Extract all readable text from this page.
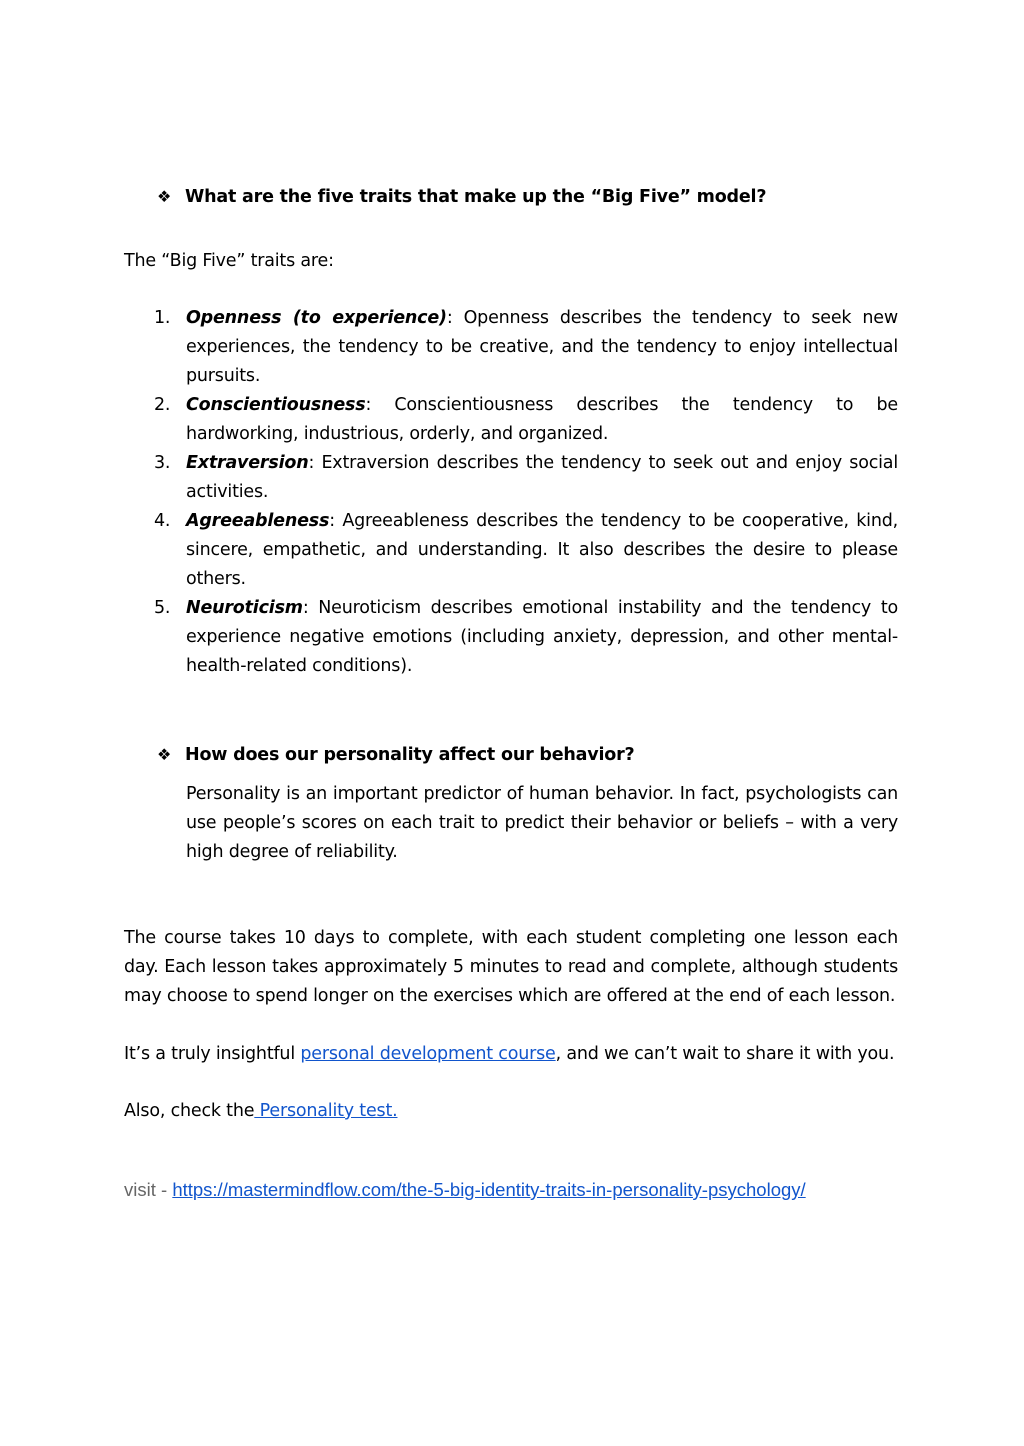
❖ What are the five traits that make up the “Big Five” model?
The “Big Five” traits are:
1. Openness (to experience): Openness describes the tendency to seek new experiences, the tendency to be creative, and the tendency to enjoy intellectual pursuits.
2. Conscientiousness: Conscientiousness describes the tendency to be hardworking, industrious, orderly, and organized.
3. Extraversion: Extraversion describes the tendency to seek out and enjoy social activities.
4. Agreeableness: Agreeableness describes the tendency to be cooperative, kind, sincere, empathetic, and understanding. It also describes the desire to please others.
5. Neuroticism: Neuroticism describes emotional instability and the tendency to experience negative emotions (including anxiety, depression, and other mental-health-related conditions).
❖ How does our personality affect our behavior?
Personality is an important predictor of human behavior. In fact, psychologists can use people’s scores on each trait to predict their behavior or beliefs – with a very high degree of reliability.
The course takes 10 days to complete, with each student completing one lesson each day. Each lesson takes approximately 5 minutes to read and complete, although students may choose to spend longer on the exercises which are offered at the end of each lesson.
It’s a truly insightful personal development course, and we can’t wait to share it with you.
Also, check the Personality test.
visit - https://mastermindflow.com/the-5-big-identity-traits-in-personality-psychology/
